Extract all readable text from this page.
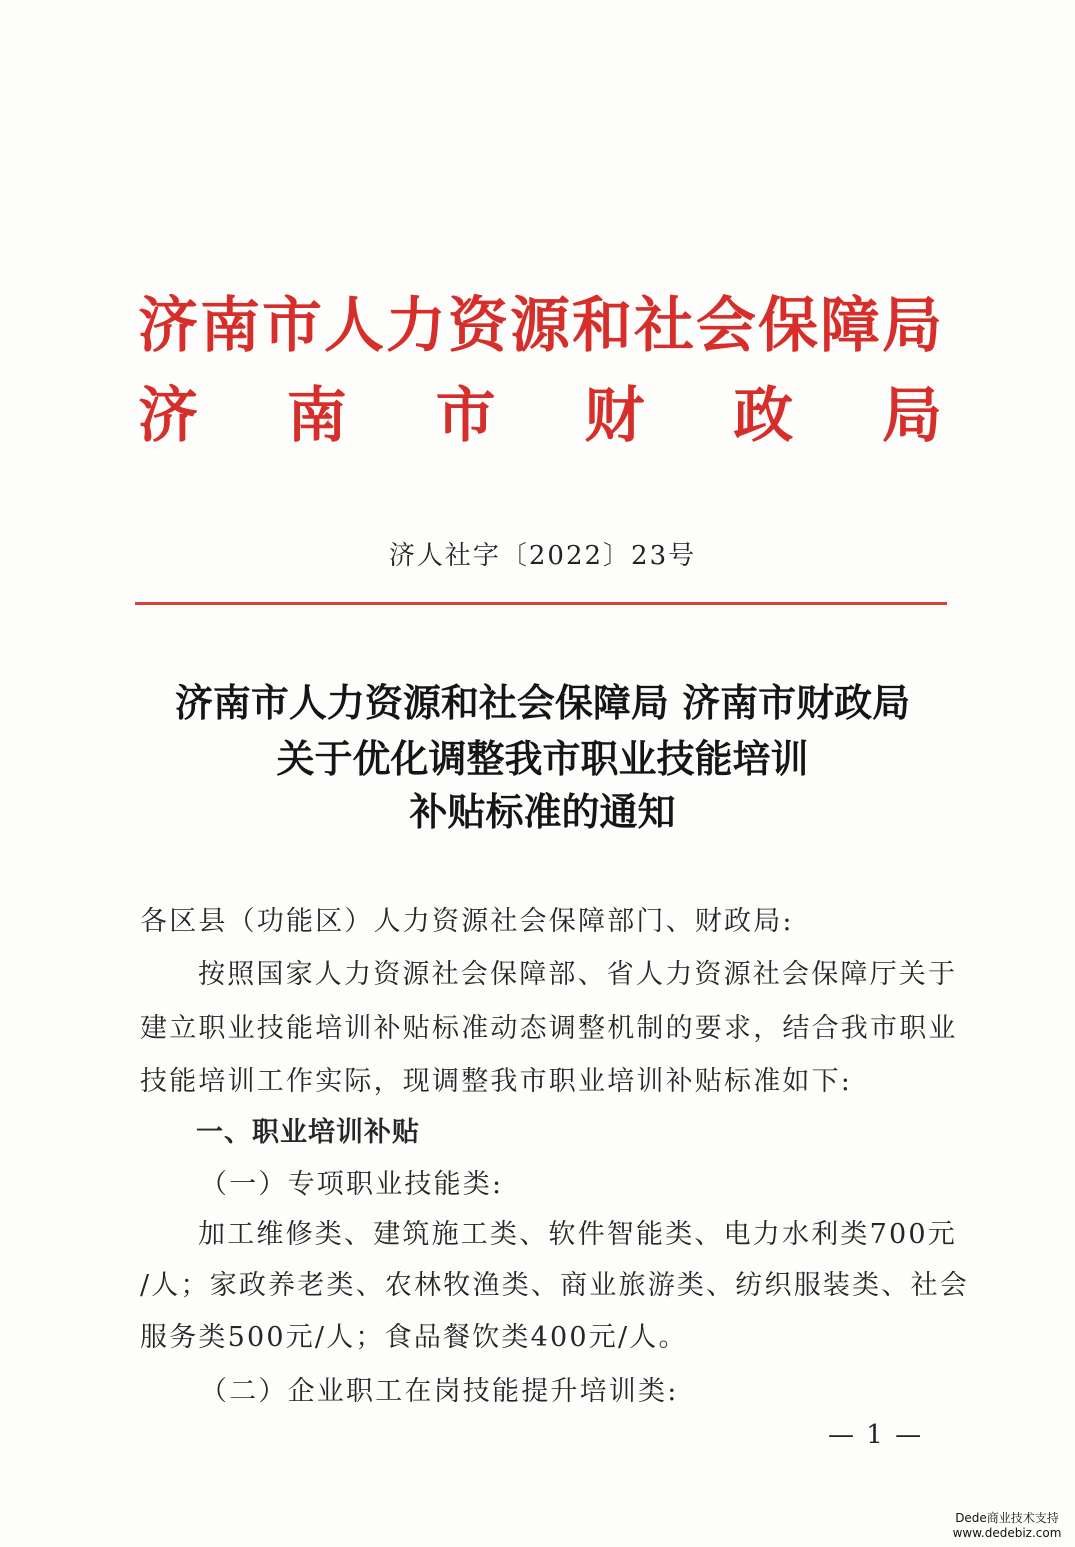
济南市人力资源和社会保障局
济　南　市　财　政　局
济人社字〔2022〕23号
济南市人力资源和社会保障局 济南市财政局
关于优化调整我市职业技能培训
补贴标准的通知
各区县（功能区）人力资源社会保障部门、财政局:
按照国家人力资源社会保障部、省人力资源社会保障厅关于
建立职业技能培训补贴标准动态调整机制的要求，结合我市职业
技能培训工作实际，现调整我市职业培训补贴标准如下:
一、职业培训补贴
（一）专项职业技能类:
加工维修类、建筑施工类、软件智能类、电力水利类700元
/人；家政养老类、农林牧渔类、商业旅游类、纺织服装类、社会
服务类500元/人；食品餐饮类400元/人。
（二）企业职工在岗技能提升培训类:
— 1 —
Dede商业技术支持
www.dedebiz.com
